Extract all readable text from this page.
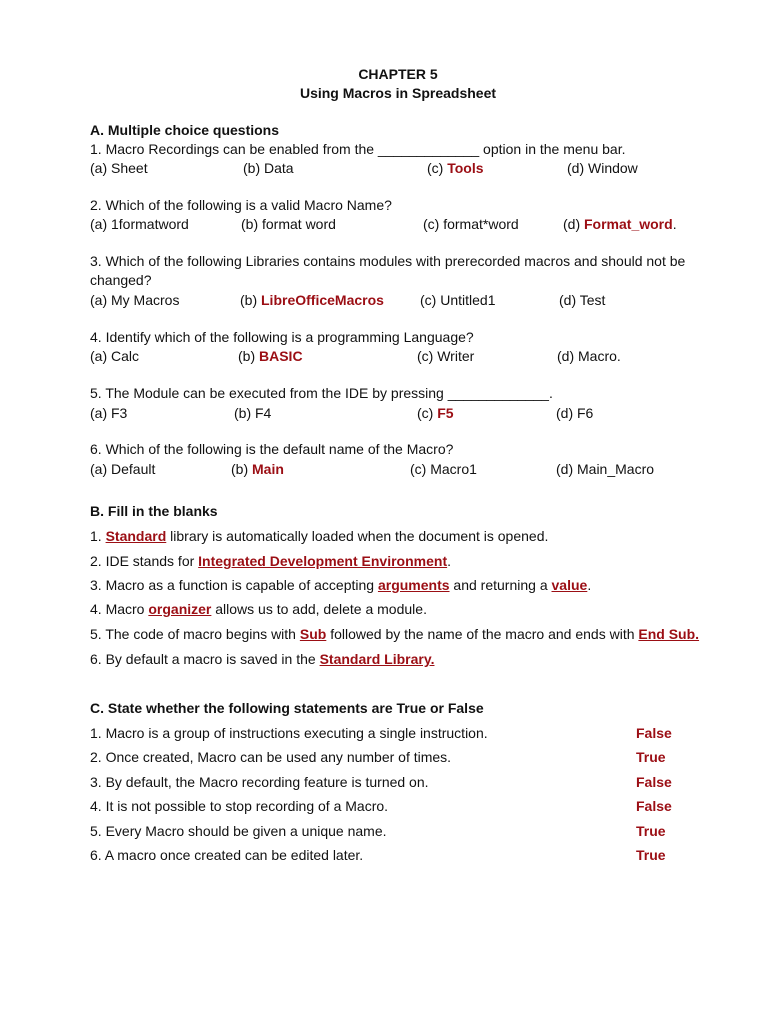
CHAPTER 5
Using Macros in Spreadsheet
A. Multiple choice questions
1. Macro Recordings can be enabled from the _____________ option in the menu bar.
(a) Sheet	(b) Data	(c) Tools	(d) Window
2. Which of the following is a valid Macro Name?
(a) 1formatword	(b) format word	(c) format*word	(d) Format_word.
3. Which of the following Libraries contains modules with prerecorded macros and should not be changed?
(a) My Macros	(b) LibreOfficeMacros	(c) Untitled1	(d) Test
4. Identify which of the following is a programming Language?
(a) Calc	(b) BASIC	(c) Writer	(d) Macro.
5. The Module can be executed from the IDE by pressing _____________.
(a) F3	(b) F4	(c) F5	(d) F6
6. Which of the following is the default name of the Macro?
(a) Default	(b) Main	(c) Macro1	(d) Main_Macro
B. Fill in the blanks
1. Standard library is automatically loaded when the document is opened.
2. IDE stands for Integrated Development Environment.
3. Macro as a function is capable of accepting arguments and returning a value.
4. Macro organizer allows us to add, delete a module.
5. The code of macro begins with Sub followed by the name of the macro and ends with End Sub.
6. By default a macro is saved in the Standard Library.
C. State whether the following statements are True or False
1. Macro is a group of instructions executing a single instruction.	False
2. Once created, Macro can be used any number of times.	True
3. By default, the Macro recording feature is turned on.	False
4. It is not possible to stop recording of a Macro.	False
5. Every Macro should be given a unique name.	True
6. A macro once created can be edited later.	True
